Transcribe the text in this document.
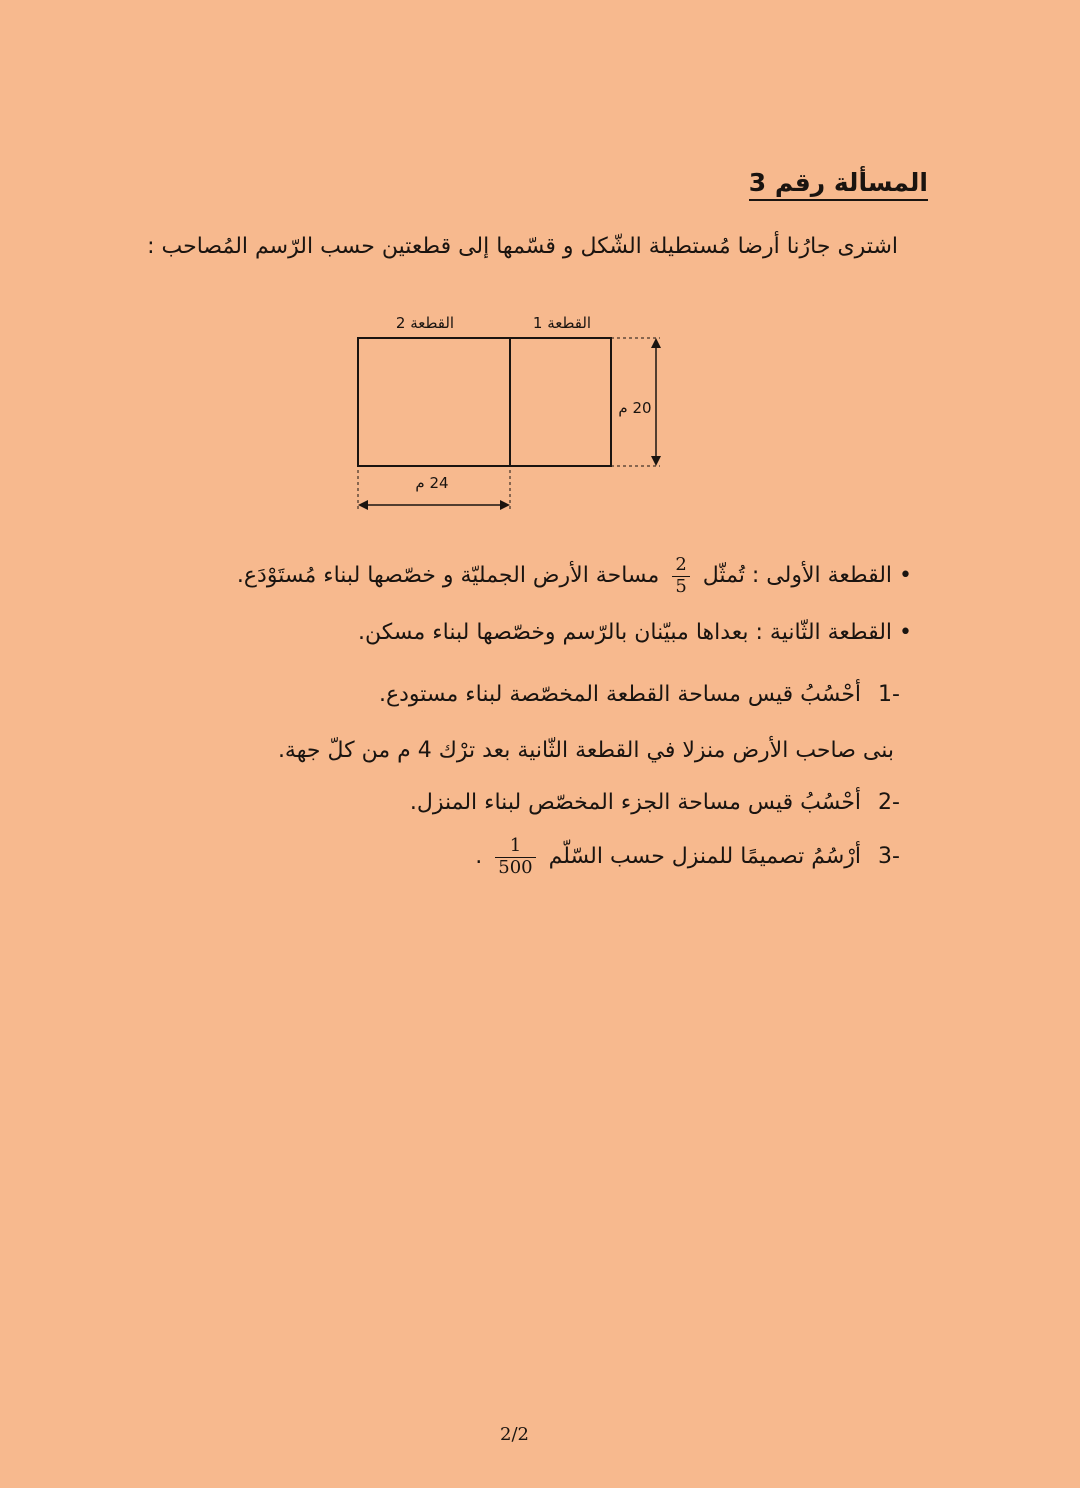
المسألة رقم 3
اشترى جارُنا أرضا مُستطيلة الشّكل و قسّمها إلى قطعتين حسب الرّسم المُصاحب :
القطعة 2	القطعة 1
20 م
24 م
• القطعة الأولى : تُمثّل
$\frac{2}{5}$
مساحة الأرض الجمليّة و خصّصها لبناء مُستَوْدَع.
• القطعة الثّانية : بعداها مبيّنان بالرّسم وخصّصها لبناء مسكن.
-1 أحْسُبُ قيس مساحة القطعة المخصّصة لبناء مستودع.
بنى صاحب الأرض منزلا في القطعة الثّانية بعد ترْك 4 م من كلّ جهة.
-2 أحْسُبُ قيس مساحة الجزء المخصّص لبناء المنزل.
-3 أرْسُمُ تصميمًا للمنزل حسب السّلّم
$\frac{1}{500}$
.
2/2
